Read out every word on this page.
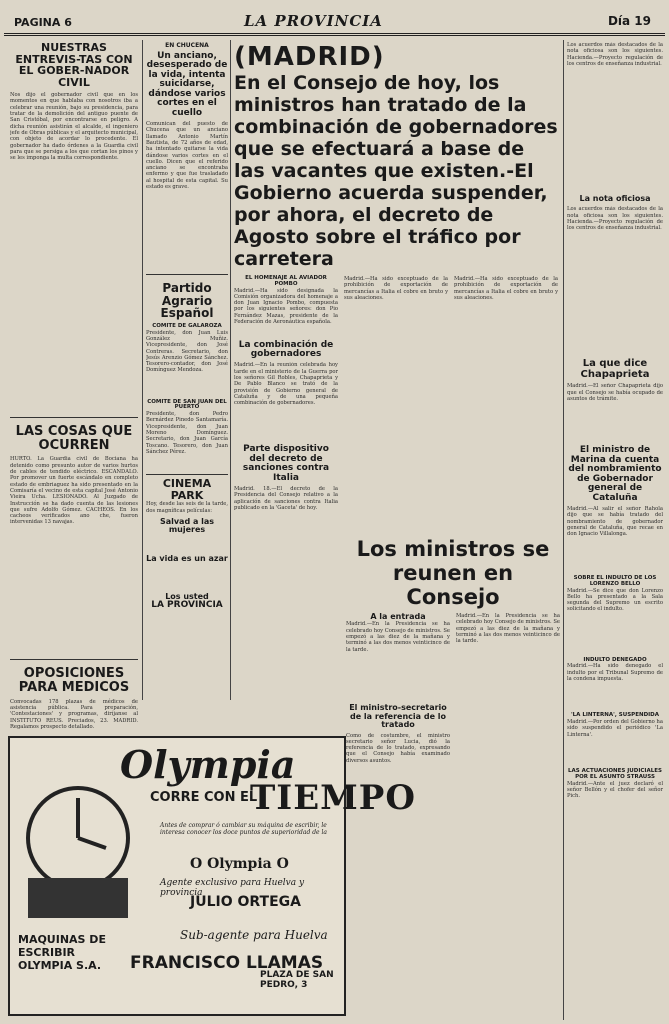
PAGINA 6	LA PROVINCIA	Día 19
NUESTRAS ENTREVIS-TAS CON EL GOBER-NADOR CIVIL

Nos dijo el gobernador civil que en los momentos en que hablaba con nosotros iba a celebrar una reunión, bajo su presidencia, para tratar de la demolición del antiguo puente de San Cristóbal, por encontrarse en peligro. A dicha reunión asistirán el alcalde, el ingeniero jefe de Obras públicas y el arquitecto municipal, con objeto de acordar lo procedente. El gobernador ha dado órdenes a la Guardia civil para que se persiga a los que cortan los pinos y se les imponga la multa correspondiente.

LAS COSAS QUE OCURREN

HURTO. La Guardia civil de Bociana ha detenido como presunto autor de varios hurtos de cables de tendido eléctrico. ESCANDALO. Por promover un fuerte escándalo en completo estado de embriaguez ha sido presentado en la Comisaría el vecino de esta capital José Antonio Vieira Ucha. LESIONADO. Al Juzgado de Instrucción se ha dado cuenta de las lesiones que sufre Adolfo Gómez. CACHEOS. En los cacheos verificados ano che, fueron intervenidas 13 navajas.

OPOSICIONES PARA MEDICOS

Convocadas 178 plazas de médicos de asistencia pública. Para preparación, 'Contestaciones' y programas, diríjanse al INSTITUTO REUS. Preciados, 23. MADRID. Regalamos prospecto detallado.

EN CHUCENA
Un anciano, desesperado de la vida, intenta suicidarse, dándose varios cortes en el cuello

Comunican del puesto de Chucena que un anciano llamado Antonio Martín Bautista, de 72 años de edad, ha intentado quitarse la vida dándose varios cortes en el cuello. Dicen que el referido anciano se encontraba enfermo y que fue trasladado al hospital de esta capital. Su estado es grave.

Partido Agrario Español
COMITE DE GALAROZA

Presidente, don Juan Luis González Muñiz. Vicepresidente, don José Contreras. Secretario, don Jesús Arenzio Gómez Sánchez. Tesorero-contador, don José Domínguez Mendoza.

COMITE DE SAN JUAN DEL PUERTO

Presidente, don Pedro Bernárdez Pinedo Santamaría. Vicepresidente, don Juan Moreno Domínguez. Secretario, don Juan García Toscano. Tesorero, don Juan Sánchez Pérez.

CINEMA PARK

Hoy, desde las seis de la tarde, dos magníficas películas:

Salvad a las mujeres
La vida es un azar
Los usted
LA PROVINCIA
(MADRID)
En el Consejo de hoy, los ministros han tratado de la combinación de gobernadores que se efectuará a base de las vacantes que existen.-El Gobierno acuerda suspender, por ahora, el decreto de Agosto sobre el tráfico por carretera
EL HOMENAJE AL AVIADOR POMBO

Madrid.—Ha sido designada la Comisión organizadora del homenaje a don Juan Ignacio Pombo, compuesta por los siguientes señores: don Pio Fernández Mazas, presidente de la Federación de Aeronáutica española.

La combinación de gobernadores

Madrid.—En la reunión celebrada hoy tarde en el ministerio de la Guerra por los señores Gil Robles, Chapaprieta y De Pablo Blanco se trató de la provisión de Gobierno general de Cataluña y de una pequeña combinación de gobernadores.

Parte dispositivo del decreto de sanciones contra Italia

Madrid. 18.—El decreto de la Presidencia del Consejo relativo a la aplicación de sanciones contra Italia publicado en la 'Gaceta' de hoy.

Madrid.—Ha sido exceptuado de la prohibición de exportación de mercancías a Italia el cobre en bruto y sus aleaciones.

Madrid.—Ha sido exceptuado de la prohibición de exportación de mercancías a Italia el cobre en bruto y sus aleaciones.

Los ministros se reunen en Consejo
A la entrada

Madrid.—En la Presidencia se ha celebrado hoy Consejo de ministros. Se empezó a las diez de la mañana y terminó a las dos menos veinticinco de la tarde.

El ministro-secretario de la referencia de lo tratado

Como de costumbre, el ministro secretario señor Lucia, dió la referencia de lo tratado, expresando que el Consejo había examinado diversos asuntos.

Madrid.—En la Presidencia se ha celebrado hoy Consejo de ministros. Se empezó a las diez de la mañana y terminó a las dos menos veinticinco de la tarde.

Los acuerdos más destacados de la nota oficiosa son los siguientes. Hacienda.—Proyecto regulación de los centros de enseñanza industrial.

La nota oficiosa

Los acuerdos más destacados de la nota oficiosa son los siguientes. Hacienda.—Proyecto regulación de los centros de enseñanza industrial.

La que dice Chapaprieta

Madrid.—El señor Chapaprieta dijo que el Consejo se había ocupado de asuntos de trámite.

El ministro de Marina da cuenta del nombramiento de Gobernador general de Cataluña

Madrid.—Al salir el señor Rahola dijo que se había tratado del nombramiento de gobernador general de Cataluña, que recae en don Ignacio Villalonga.

SOBRE EL INDULTO DE LOS LORENZO BELLO

Madrid.—Se dice que don Lorenzo Bello ha presentado a la Sala segunda del Supremo un escrito solicitando el indulto.

INDULTO DENEGADO

Madrid.—Ha sido denegado el indulto por el Tribunal Supremo de la condena impuesta.

'LA LINTERNA', SUSPENDIDA

Madrid.—Por orden del Gobierno ha sido suspendido el periódico 'La Linterna'.

LAS ACTUACIONES JUDICIALES POR EL ASUNTO STRAUSS

Madrid.—Ante el juez declaró el señor Bellón y el chofer del señor Pich.

Olympia
CORRE CON EL
TIEMPO

Antes de comprar ó cambiar su máquina de escribir, le interesa conocer los doce puntos de superioridad de la

O Olympia O
Agente exclusivo para Huelva y provincia
JULIO ORTEGA
MAQUINAS DE ESCRIBIR OLYMPIA S.A.
Sub-agente para Huelva
FRANCISCO LLAMAS
PLAZA DE SAN PEDRO, 3
